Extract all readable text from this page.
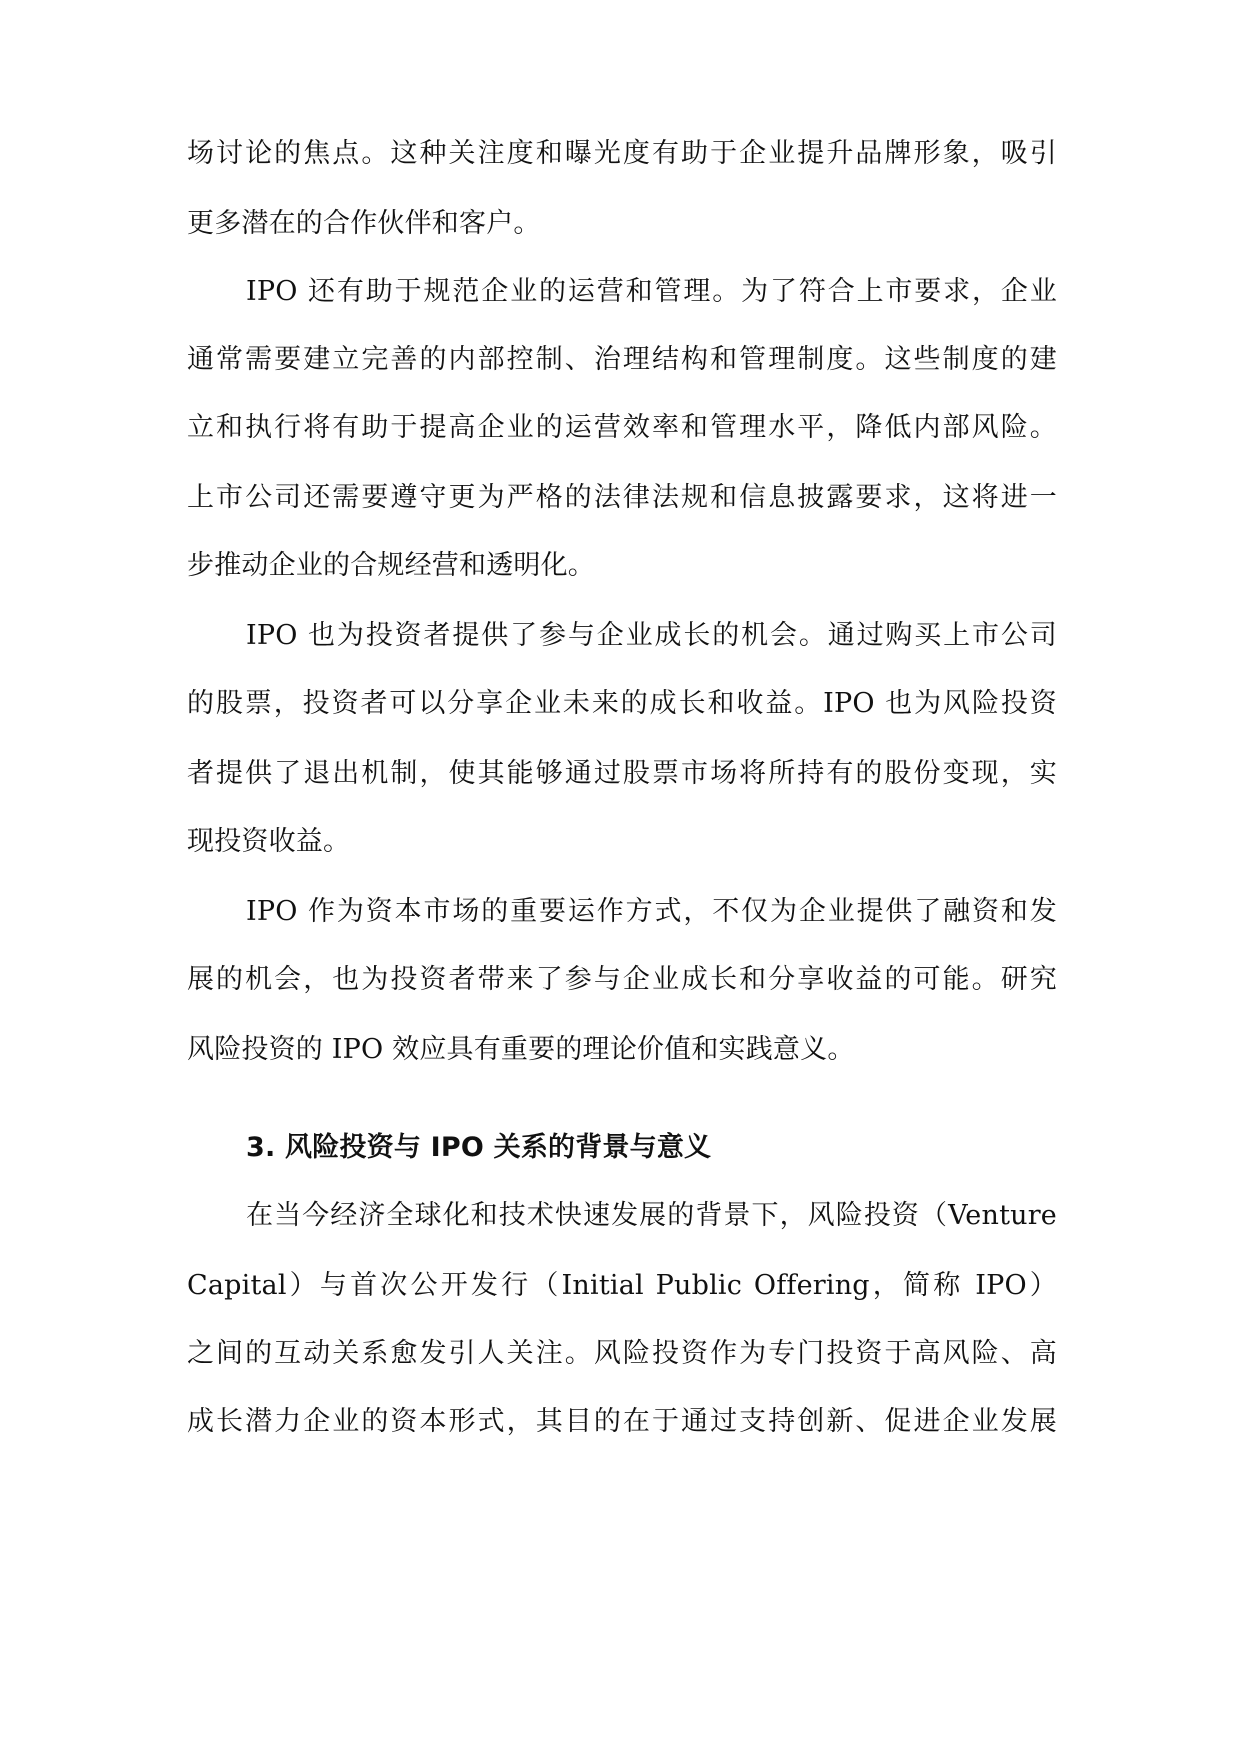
场讨论的焦点。这种关注度和曝光度有助于企业提升品牌形象，吸引
更多潜在的合作伙伴和客户。
IPO 还有助于规范企业的运营和管理。为了符合上市要求，企业
通常需要建立完善的内部控制、治理结构和管理制度。这些制度的建
立和执行将有助于提高企业的运营效率和管理水平，降低内部风险。
上市公司还需要遵守更为严格的法律法规和信息披露要求，这将进一
步推动企业的合规经营和透明化。
IPO 也为投资者提供了参与企业成长的机会。通过购买上市公司
的股票，投资者可以分享企业未来的成长和收益。IPO 也为风险投资
者提供了退出机制，使其能够通过股票市场将所持有的股份变现，实
现投资收益。
IPO 作为资本市场的重要运作方式，不仅为企业提供了融资和发
展的机会，也为投资者带来了参与企业成长和分享收益的可能。研究
风险投资的 IPO 效应具有重要的理论价值和实践意义。
3. 风险投资与 IPO 关系的背景与意义
在当今经济全球化和技术快速发展的背景下，风险投资（Venture
Capital）与首次公开发行（Initial Public Offering，简称 IPO）
之间的互动关系愈发引人关注。风险投资作为专门投资于高风险、高
成长潜力企业的资本形式，其目的在于通过支持创新、促进企业发展
